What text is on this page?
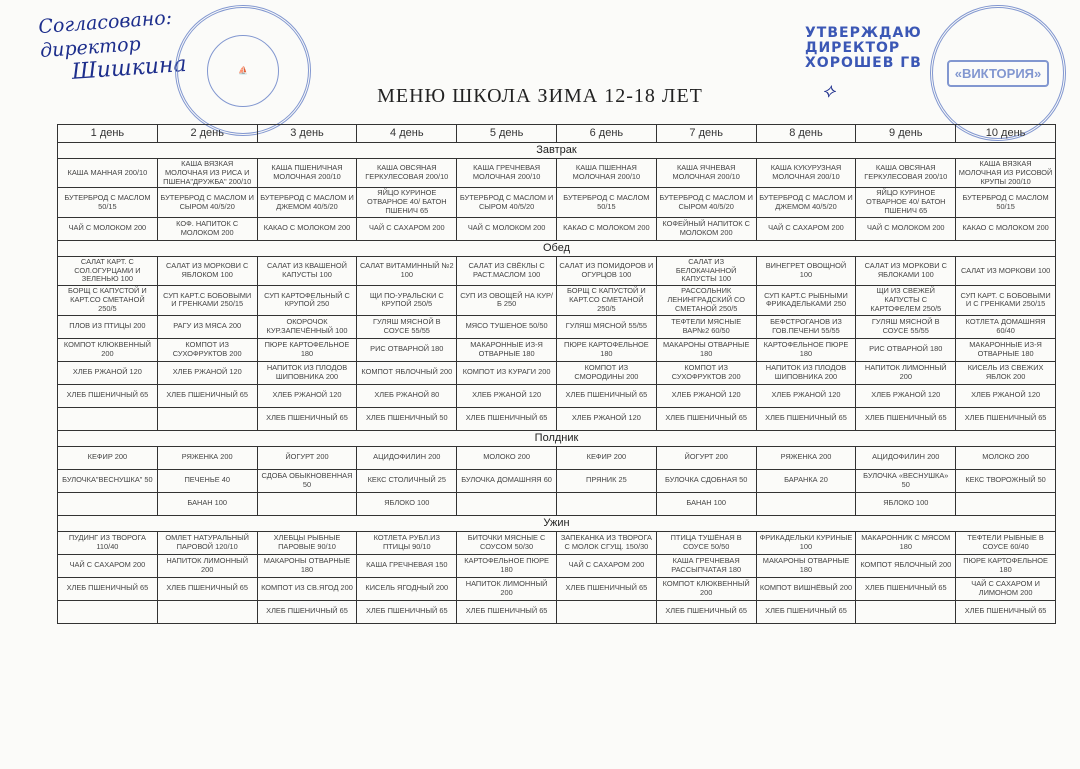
Согласовано:
директор
Шишкина	⛵
УТВЕРЖДАЮ
ДИРЕКТОР
ХОРОШЕВ ГВ
⟡
«ВИКТОРИЯ»
МЕНЮ ШКОЛА ЗИМА 12-18 ЛЕТ
1 день	2 день	3 день	4 день	5 день	6 день	7 день	8 день	9 день	10 день
Завтрак									
КАША МАННАЯ 200/10	КАША ВЯЗКАЯ МОЛОЧНАЯ ИЗ РИСА И ПШЕНА"ДРУЖБА" 200/10	КАША ПШЕНИЧНАЯ МОЛОЧНАЯ 200/10	КАША ОВСЯНАЯ ГЕРКУЛЕСОВАЯ 200/10	КАША ГРЕЧНЕВАЯ МОЛОЧНАЯ 200/10	КАША ПШЕННАЯ МОЛОЧНАЯ 200/10	КАША ЯЧНЕВАЯ МОЛОЧНАЯ 200/10	КАША КУКУРУЗНАЯ МОЛОЧНАЯ 200/10	КАША ОВСЯНАЯ ГЕРКУЛЕСОВАЯ 200/10	КАША ВЯЗКАЯ МОЛОЧНАЯ ИЗ РИСОВОЙ КРУПЫ 200/10
БУТЕРБРОД С МАСЛОМ 50/15	БУТЕРБРОД С МАСЛОМ И СЫРОМ 40/5/20	БУТЕРБРОД С МАСЛОМ И ДЖЕМОМ 40/5/20	ЯЙЦО КУРИНОЕ ОТВАРНОЕ 40/ БАТОН ПШЕНИЧ 65	БУТЕРБРОД С МАСЛОМ И СЫРОМ 40/5/20	БУТЕРБРОД С МАСЛОМ 50/15	БУТЕРБРОД С МАСЛОМ И СЫРОМ 40/5/20	БУТЕРБРОД С МАСЛОМ И ДЖЕМОМ 40/5/20	ЯЙЦО КУРИНОЕ ОТВАРНОЕ 40/ БАТОН ПШЕНИЧ 65	БУТЕРБРОД С МАСЛОМ 50/15
ЧАЙ С МОЛОКОМ 200	КОФ. НАПИТОК С МОЛОКОМ 200	КАКАО С МОЛОКОМ 200	ЧАЙ С САХАРОМ 200	ЧАЙ С МОЛОКОМ 200	КАКАО С МОЛОКОМ 200	КОФЕЙНЫЙ НАПИТОК С МОЛОКОМ 200	ЧАЙ С САХАРОМ 200	ЧАЙ С МОЛОКОМ 200	КАКАО С МОЛОКОМ 200
Обед									
САЛАТ КАРТ. С СОЛ.ОГУРЦАМИ И ЗЕЛЕНЬЮ 100	САЛАТ ИЗ МОРКОВИ С ЯБЛОКОМ 100	САЛАТ ИЗ КВАШЕНОЙ КАПУСТЫ 100	САЛАТ ВИТАМИННЫЙ №2 100	САЛАТ ИЗ СВЁКЛЫ С РАСТ.МАСЛОМ 100	САЛАТ ИЗ ПОМИДОРОВ И ОГУРЦОВ 100	САЛАТ ИЗ БЕЛОКАЧАННОЙ КАПУСТЫ 100	ВИНЕГРЕТ ОВОЩНОЙ 100	САЛАТ ИЗ МОРКОВИ С ЯБЛОКАМИ 100	САЛАТ ИЗ МОРКОВИ 100
БОРЩ С КАПУСТОЙ И КАРТ.СО СМЕТАНОЙ 250/5	СУП КАРТ.С БОБОВЫМИ И ГРЕНКАМИ 250/15	СУП КАРТОФЕЛЬНЫЙ С КРУПОЙ 250	ЩИ ПО-УРАЛЬСКИ С КРУПОЙ 250/5	СУП ИЗ ОВОЩЕЙ НА КУР/Б 250	БОРЩ С КАПУСТОЙ И КАРТ.СО СМЕТАНОЙ 250/5	РАССОЛЬНИК ЛЕНИНГРАДСКИЙ СО СМЕТАНОЙ 250/5	СУП КАРТ.С РЫБНЫМИ ФРИКАДЕЛЬКАМИ 250	ЩИ ИЗ СВЕЖЕЙ КАПУСТЫ С КАРТОФЕЛЕМ 250/5	СУП КАРТ. С БОБОВЫМИ И С ГРЕНКАМИ 250/15
ПЛОВ ИЗ ПТИЦЫ 200	РАГУ ИЗ МЯСА 200	ОКОРОЧОК КУР.ЗАПЕЧЁННЫЙ 100	ГУЛЯШ МЯСНОЙ В СОУСЕ 55/55	МЯСО ТУШЕНОЕ 50/50	ГУЛЯШ МЯСНОЙ 55/55	ТЕФТЕЛИ МЯСНЫЕ ВАР№2 60/50	БЕФСТРОГАНОВ ИЗ ГОВ.ПЕЧЕНИ 55/55	ГУЛЯШ МЯСНОЙ В СОУСЕ 55/55	КОТЛЕТА ДОМАШНЯЯ 60/40
КОМПОТ КЛЮКВЕННЫЙ 200	КОМПОТ ИЗ СУХОФРУКТОВ 200	ПЮРЕ КАРТОФЕЛЬНОЕ 180	РИС ОТВАРНОЙ 180	МАКАРОННЫЕ ИЗ-Я ОТВАРНЫЕ 180	ПЮРЕ КАРТОФЕЛЬНОЕ 180	МАКАРОНЫ ОТВАРНЫЕ 180	КАРТОФЕЛЬНОЕ ПЮРЕ 180	РИС ОТВАРНОЙ 180	МАКАРОННЫЕ ИЗ-Я ОТВАРНЫЕ 180
ХЛЕБ РЖАНОЙ 120	ХЛЕБ РЖАНОЙ 120	НАПИТОК ИЗ ПЛОДОВ ШИПОВНИКА 200	КОМПОТ ЯБЛОЧНЫЙ 200	КОМПОТ ИЗ КУРАГИ 200	КОМПОТ ИЗ СМОРОДИНЫ 200	КОМПОТ ИЗ СУХОФРУКТОВ 200	НАПИТОК ИЗ ПЛОДОВ ШИПОВНИКА 200	НАПИТОК ЛИМОННЫЙ 200	КИСЕЛЬ ИЗ СВЕЖИХ ЯБЛОК 200
ХЛЕБ ПШЕНИЧНЫЙ 65	ХЛЕБ ПШЕНИЧНЫЙ 65	ХЛЕБ РЖАНОЙ 120	ХЛЕБ РЖАНОЙ 80	ХЛЕБ РЖАНОЙ 120	ХЛЕБ ПШЕНИЧНЫЙ 65	ХЛЕБ РЖАНОЙ 120	ХЛЕБ РЖАНОЙ 120	ХЛЕБ РЖАНОЙ 120	ХЛЕБ РЖАНОЙ 120
		ХЛЕБ ПШЕНИЧНЫЙ 65	ХЛЕБ ПШЕНИЧНЫЙ 50	ХЛЕБ ПШЕНИЧНЫЙ 65	ХЛЕБ РЖАНОЙ 120	ХЛЕБ ПШЕНИЧНЫЙ 65	ХЛЕБ ПШЕНИЧНЫЙ 65	ХЛЕБ ПШЕНИЧНЫЙ 65	ХЛЕБ ПШЕНИЧНЫЙ 65
Полдник									
КЕФИР 200	РЯЖЕНКА 200	ЙОГУРТ 200	АЦИДОФИЛИН 200	МОЛОКО 200	КЕФИР 200	ЙОГУРТ 200	РЯЖЕНКА 200	АЦИДОФИЛИН 200	МОЛОКО 200
БУЛОЧКА"ВЕСНУШКА" 50	ПЕЧЕНЬЕ 40	СДОБА ОБЫКНОВЕННАЯ 50	КЕКС СТОЛИЧНЫЙ 25	БУЛОЧКА ДОМАШНЯЯ 60	ПРЯНИК 25	БУЛОЧКА СДОБНАЯ 50	БАРАНКА 20	БУЛОЧКА «ВЕСНУШКА» 50	КЕКС ТВОРОЖНЫЙ 50
	БАНАН 100		ЯБЛОКО 100			БАНАН 100		ЯБЛОКО 100	
Ужин									
ПУДИНГ ИЗ ТВОРОГА 110/40	ОМЛЕТ НАТУРАЛЬНЫЙ ПАРОВОЙ 120/10	ХЛЕБЦЫ РЫБНЫЕ ПАРОВЫЕ 90/10	КОТЛЕТА РУБЛ.ИЗ ПТИЦЫ 90/10	БИТОЧКИ МЯСНЫЕ С СОУСОМ 50/30	ЗАПЕКАНКА ИЗ ТВОРОГА С МОЛОК СГУЩ. 150/30	ПТИЦА ТУШЁНАЯ В СОУСЕ 50/50	ФРИКАДЕЛЬКИ КУРИНЫЕ 100	МАКАРОННИК С МЯСОМ 180	ТЕФТЕЛИ РЫБНЫЕ В СОУСЕ 60/40
ЧАЙ С САХАРОМ 200	НАПИТОК ЛИМОННЫЙ 200	МАКАРОНЫ ОТВАРНЫЕ 180	КАША ГРЕЧНЕВАЯ 150	КАРТОФЕЛЬНОЕ ПЮРЕ 180	ЧАЙ С САХАРОМ 200	КАША ГРЕЧНЕВАЯ РАССЫПЧАТАЯ 180	МАКАРОНЫ ОТВАРНЫЕ 180	КОМПОТ ЯБЛОЧНЫЙ 200	ПЮРЕ КАРТОФЕЛЬНОЕ 180
ХЛЕБ ПШЕНИЧНЫЙ 65	ХЛЕБ ПШЕНИЧНЫЙ 65	КОМПОТ ИЗ СВ.ЯГОД 200	КИСЕЛЬ ЯГОДНЫЙ 200	НАПИТОК ЛИМОННЫЙ 200	ХЛЕБ ПШЕНИЧНЫЙ 65	КОМПОТ КЛЮКВЕННЫЙ 200	КОМПОТ ВИШНЁВЫЙ 200	ХЛЕБ ПШЕНИЧНЫЙ 65	ЧАЙ С САХАРОМ И ЛИМОНОМ 200
		ХЛЕБ ПШЕНИЧНЫЙ 65	ХЛЕБ ПШЕНИЧНЫЙ 65	ХЛЕБ ПШЕНИЧНЫЙ 65		ХЛЕБ ПШЕНИЧНЫЙ 65	ХЛЕБ ПШЕНИЧНЫЙ 65		ХЛЕБ ПШЕНИЧНЫЙ 65
